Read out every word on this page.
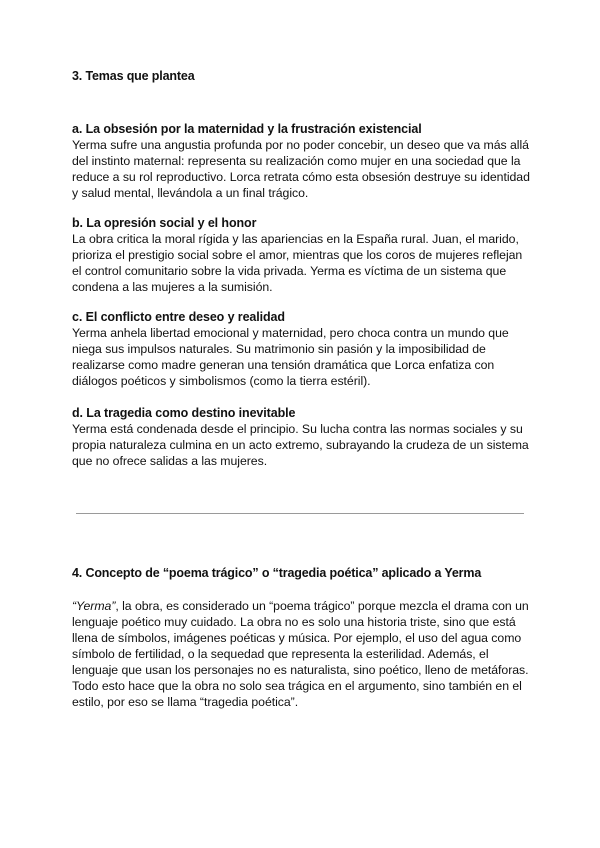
3. Temas que plantea
a. La obsesión por la maternidad y la frustración existencial

Yerma sufre una angustia profunda por no poder concebir, un deseo que va más allá
del instinto maternal: representa su realización como mujer en una sociedad que la
reduce a su rol reproductivo. Lorca retrata cómo esta obsesión destruye su identidad
y salud mental, llevándola a un final trágico.

b. La opresión social y el honor

La obra critica la moral rígida y las apariencias en la España rural. Juan, el marido,
prioriza el prestigio social sobre el amor, mientras que los coros de mujeres reflejan
el control comunitario sobre la vida privada. Yerma es víctima de un sistema que
condena a las mujeres a la sumisión.

c. El conflicto entre deseo y realidad

Yerma anhela libertad emocional y maternidad, pero choca contra un mundo que
niega sus impulsos naturales. Su matrimonio sin pasión y la imposibilidad de
realizarse como madre generan una tensión dramática que Lorca enfatiza con
diálogos poéticos y simbolismos (como la tierra estéril).

d. La tragedia como destino inevitable

Yerma está condenada desde el principio. Su lucha contra las normas sociales y su
propia naturaleza culmina en un acto extremo, subrayando la crudeza de un sistema
que no ofrece salidas a las mujeres.

4. Concepto de “poema trágico” o “tragedia poética” aplicado a Yerma

“Yerma”, la obra, es considerado un “poema trágico” porque mezcla el drama con un
lenguaje poético muy cuidado. La obra no es solo una historia triste, sino que está
llena de símbolos, imágenes poéticas y música. Por ejemplo, el uso del agua como
símbolo de fertilidad, o la sequedad que representa la esterilidad. Además, el
lenguaje que usan los personajes no es naturalista, sino poético, lleno de metáforas.
Todo esto hace que la obra no solo sea trágica en el argumento, sino también en el
estilo, por eso se llama “tragedia poética”.
